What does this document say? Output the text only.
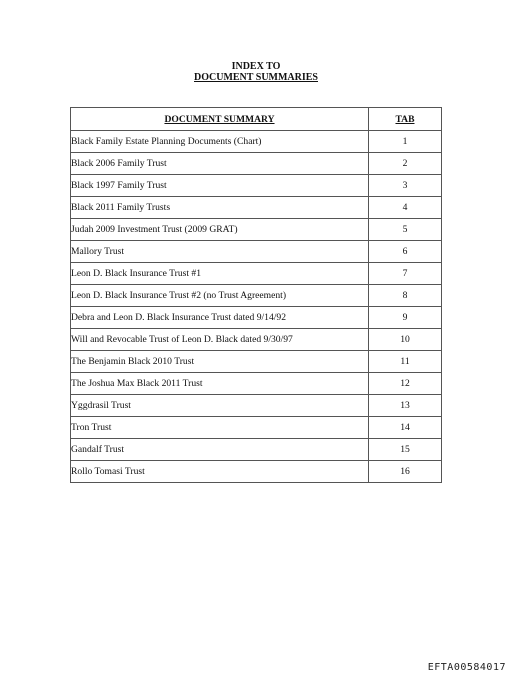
INDEX TO
DOCUMENT SUMMARIES
DOCUMENT SUMMARY	TAB
Black Family Estate Planning Documents (Chart)	1
Black 2006 Family Trust	2
Black 1997 Family Trust	3
Black 2011 Family Trusts	4
Judah 2009 Investment Trust (2009 GRAT)	5
Mallory Trust	6
Leon D. Black Insurance Trust #1	7
Leon D. Black Insurance Trust #2 (no Trust Agreement)	8
Debra and Leon D. Black Insurance Trust dated 9/14/92	9
Will and Revocable Trust of Leon D. Black dated 9/30/97	10
The Benjamin Black 2010 Trust	11
The Joshua Max Black 2011 Trust	12
Yggdrasil Trust	13
Tron Trust	14
Gandalf Trust	15
Rollo Tomasi Trust	16
EFTA00584017
